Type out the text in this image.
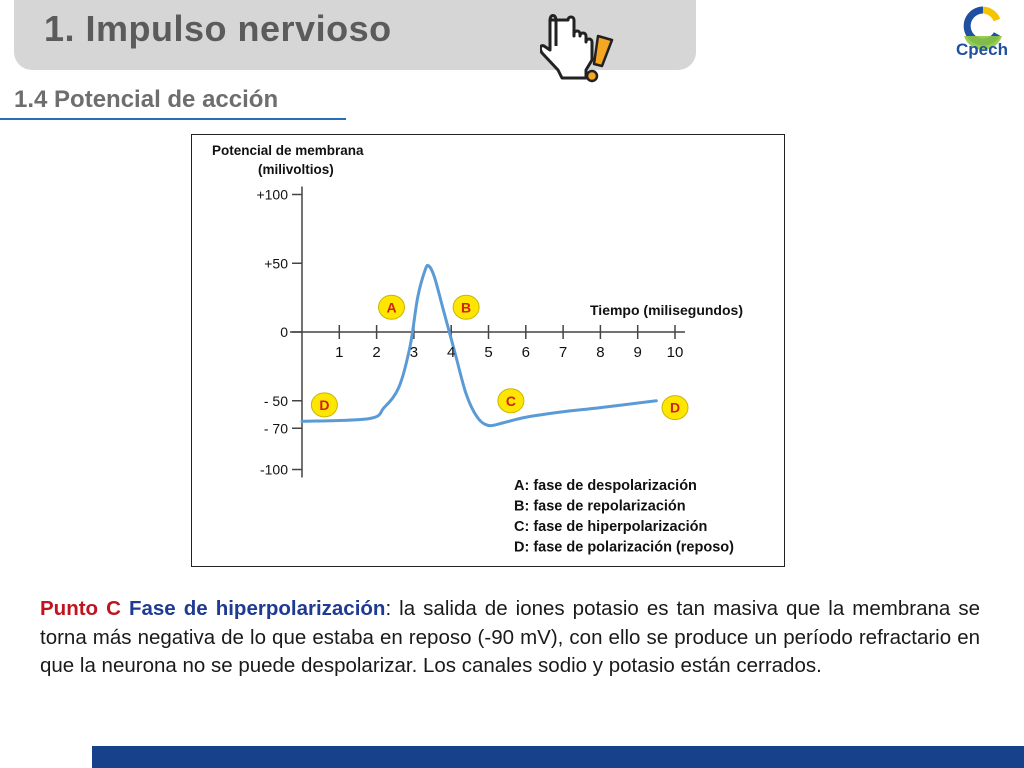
1. Impulso nervioso
Cpech
1.4 Potencial de acción
+100
+50
0
- 50
- 70
-100
1 2 3 4 5 6 7 8 9 10
Potencial de membrana
(milivoltios)
Tiempo (milisegundos)
A	B
C
D	D
A: fase de despolarización
B: fase de repolarización
C: fase de hiperpolarización
D: fase de polarización (reposo)
Punto C Fase de hiperpolarización: la salida de iones potasio es tan masiva que la membrana se torna más negativa de lo que estaba en reposo (-90 mV), con ello se produce un período refractario en que la neurona no se puede despolarizar. Los canales sodio y potasio están cerrados.
